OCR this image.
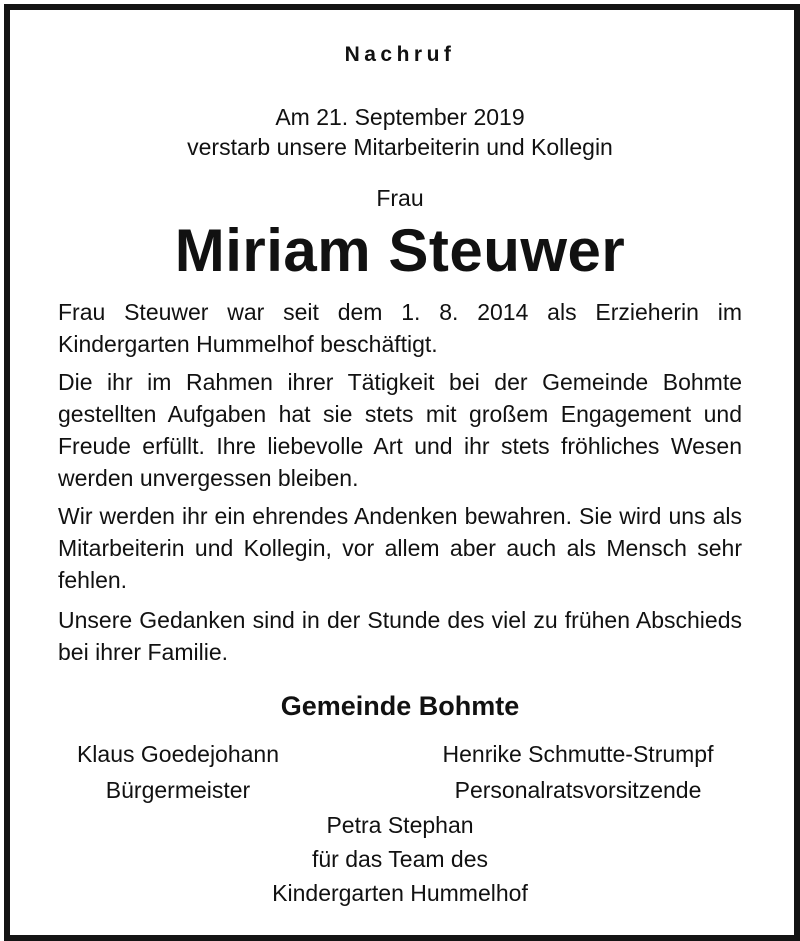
Nachruf
Am 21. September 2019
verstarb unsere Mitarbeiterin und Kollegin
Frau
Miriam Steuwer

Frau Steuwer war seit dem 1. 8. 2014 als Erzieherin im Kindergarten Hummelhof beschäftigt.

Die ihr im Rahmen ihrer Tätigkeit bei der Gemeinde Bohmte gestellten Aufgaben hat sie stets mit großem Engagement und Freude erfüllt. Ihre liebevolle Art und ihr stets fröhliches Wesen werden unvergessen bleiben.

Wir werden ihr ein ehrendes Andenken bewahren. Sie wird uns als Mitarbeiterin und Kollegin, vor allem aber auch als Mensch sehr fehlen.

Unsere Gedanken sind in der Stunde des viel zu frühen Abschieds bei ihrer Familie.

Gemeinde Bohmte
Klaus Goedejohann
Bürgermeister
Henrike Schmutte-Strumpf
Personalratsvorsitzende
Petra Stephan
für das Team des
Kindergarten Hummelhof
